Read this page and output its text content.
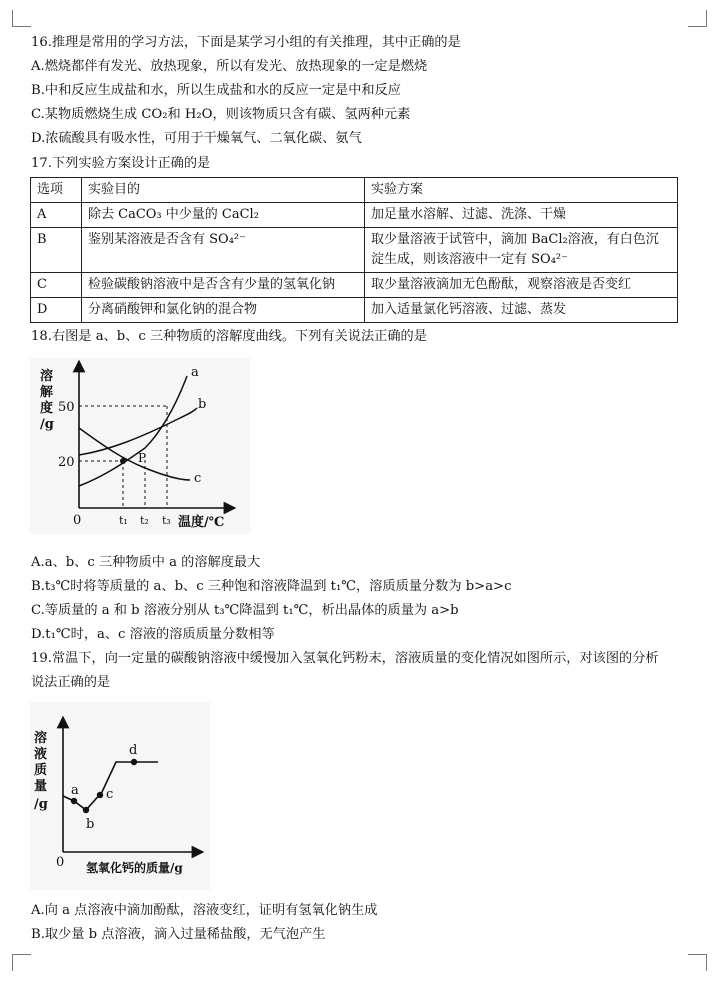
16.推理是常用的学习方法，下面是某学习小组的有关推理，其中正确的是
A.燃烧都伴有发光、放热现象，所以有发光、放热现象的一定是燃烧
B.中和反应生成盐和水，所以生成盐和水的反应一定是中和反应
C.某物质燃烧生成 CO₂和 H₂O，则该物质只含有碳、氢两种元素
D.浓硫酸具有吸水性，可用于干燥氧气、二氧化碳、氨气
17.下列实验方案设计正确的是
选项	实验目的	实验方案
A	除去 CaCO₃ 中少量的 CaCl₂	加足量水溶解、过滤、洗涤、干燥
B	鉴别某溶液是否含有 SO₄²⁻	取少量溶液于试管中，滴加 BaCl₂溶液，有白色沉淀生成，则该溶液中一定有 SO₄²⁻
C	检验碳酸钠溶液中是否含有少量的氢氧化钠	取少量溶液滴加无色酚酞，观察溶液是否变红
D	分离硝酸钾和氯化钠的混合物	加入适量氯化钙溶液、过滤、蒸发
18.右图是 a、b、c 三种物质的溶解度曲线。下列有关说法正确的是
溶
解
度
/g
50
20
0	t₁ t₂ t₃ 温度/℃
a
b
c
P
A.a、b、c 三种物质中 a 的溶解度最大
B.t₃℃时将等质量的 a、b、c 三种饱和溶液降温到 t₁℃，溶质质量分数为 b>a>c
C.等质量的 a 和 b 溶液分别从 t₃℃降温到 t₁℃，析出晶体的质量为 a>b
D.t₁℃时，a、c 溶液的溶质质量分数相等
19.常温下，向一定量的碳酸钠溶液中缓慢加入氢氧化钙粉末，溶液质量的变化情况如图所示，对该图的分析
说法正确的是
溶
液
质
量
/g
0 氢氧化钙的质量/g
a
b
c
d
A.向 a 点溶液中滴加酚酞，溶液变红，证明有氢氧化钠生成
B.取少量 b 点溶液，滴入过量稀盐酸，无气泡产生
